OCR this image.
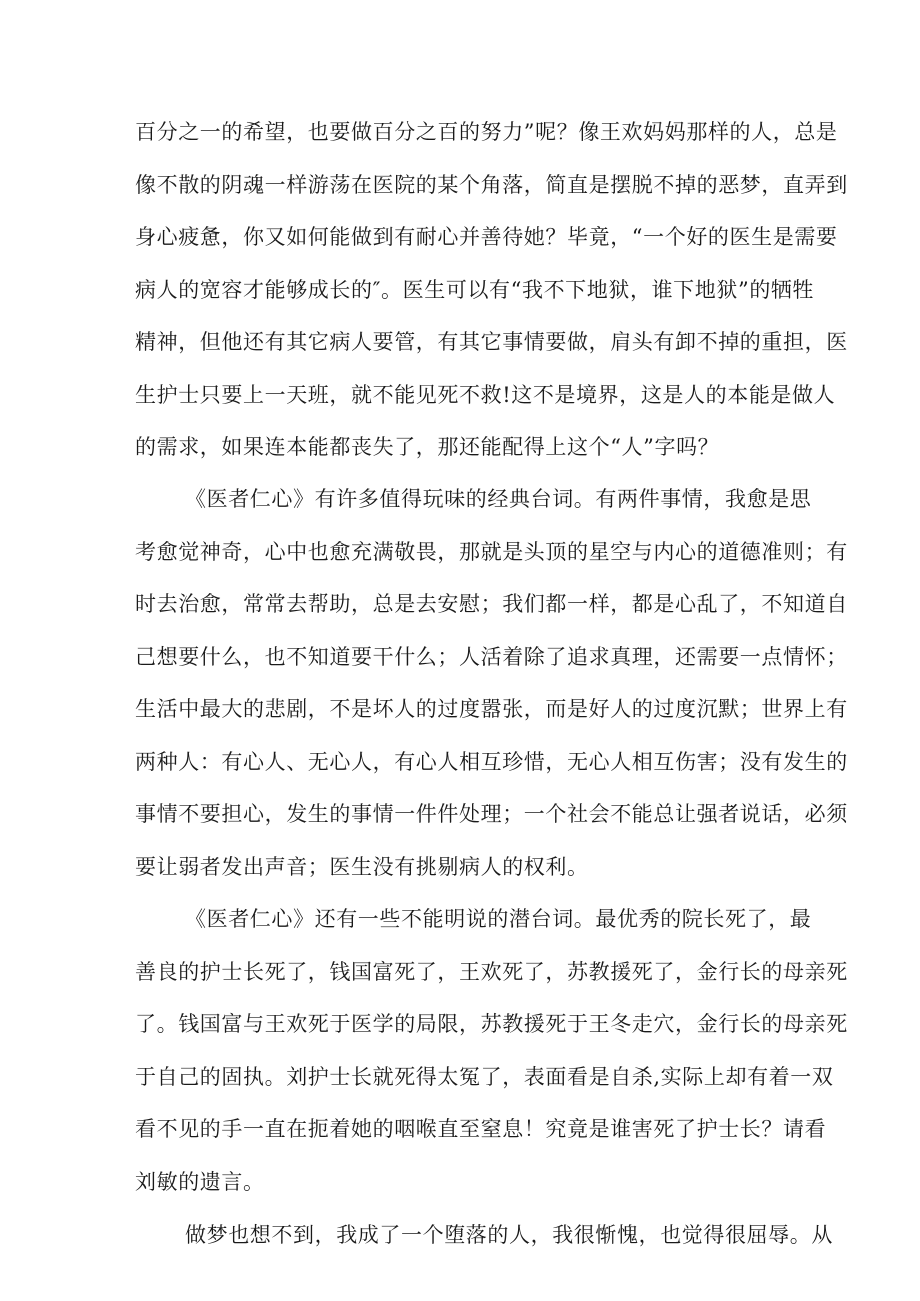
百分之一的希望，也要做百分之百的努力”呢？像王欢妈妈那样的人，总是
像不散的阴魂一样游荡在医院的某个角落，简直是摆脱不掉的恶梦，直弄到
身心疲惫，你又如何能做到有耐心并善待她？毕竟，“一个好的医生是需要
病人的宽容才能够成长的″。医生可以有“我不下地狱，谁下地狱”的牺牲
精神，但他还有其它病人要管，有其它事情要做，肩头有卸不掉的重担，医
生护士只要上一天班，就不能见死不救!这不是境界，这是人的本能是做人
的需求，如果连本能都丧失了，那还能配得上这个“人”字吗？
《医者仁心》有许多值得玩味的经典台词。有两件事情，我愈是思
考愈觉神奇，心中也愈充满敬畏，那就是头顶的星空与内心的道德准则；有
时去治愈，常常去帮助，总是去安慰；我们都一样，都是心乱了，不知道自
己想要什么，也不知道要干什么；人活着除了追求真理，还需要一点情怀；
生活中最大的悲剧，不是坏人的过度嚣张，而是好人的过度沉默；世界上有
两种人：有心人、无心人，有心人相互珍惜，无心人相互伤害；没有发生的
事情不要担心，发生的事情一件件处理；一个社会不能总让强者说话，必须
要让弱者发出声音；医生没有挑剔病人的权利。
《医者仁心》还有一些不能明说的潜台词。最优秀的院长死了，最
善良的护士长死了，钱国富死了，王欢死了，苏教援死了，金行长的母亲死
了。钱国富与王欢死于医学的局限，苏教援死于王冬走穴，金行长的母亲死
于自己的固执。刘护士长就死得太冤了，表面看是自杀,实际上却有着一双
看不见的手一直在扼着她的咽喉直至窒息！究竟是谁害死了护士长？请看
刘敏的遗言。
做梦也想不到，我成了一个堕落的人，我很惭愧，也觉得很屈辱。从
